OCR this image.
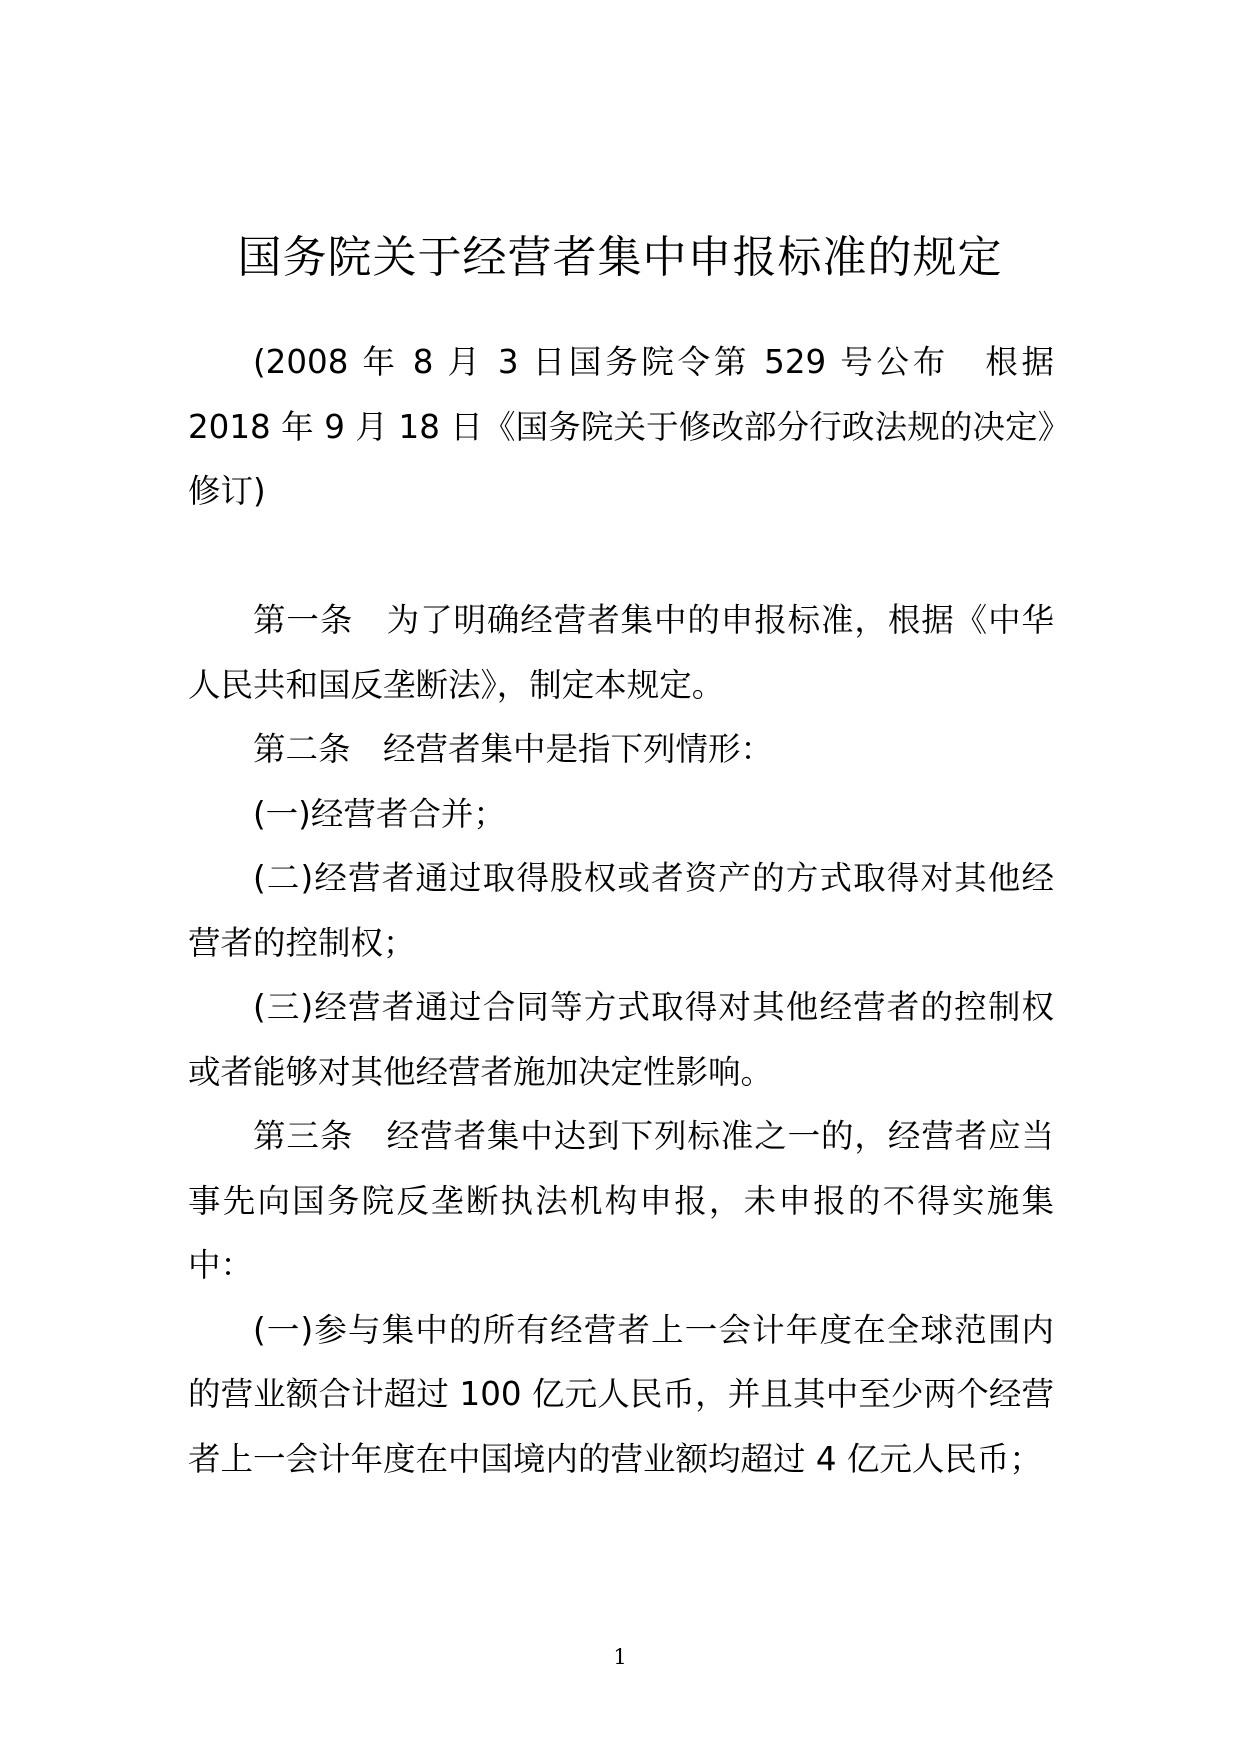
国务院关于经营者集中申报标准的规定

(2008 年 8 月 3 日国务院令第 529 号公布　根据 2018 年 9 月 18 日《国务院关于修改部分行政法规的决定》修订)

第一条 为了明确经营者集中的申报标准，根据《中华人民共和国反垄断法》，制定本规定。

第二条 经营者集中是指下列情形：

(一)经营者合并；

(二)经营者通过取得股权或者资产的方式取得对其他经营者的控制权；

(三)经营者通过合同等方式取得对其他经营者的控制权或者能够对其他经营者施加决定性影响。

第三条 经营者集中达到下列标准之一的，经营者应当事先向国务院反垄断执法机构申报，未申报的不得实施集中：

(一)参与集中的所有经营者上一会计年度在全球范围内的营业额合计超过 100 亿元人民币，并且其中至少两个经营者上一会计年度在中国境内的营业额均超过 4 亿元人民币；

1
